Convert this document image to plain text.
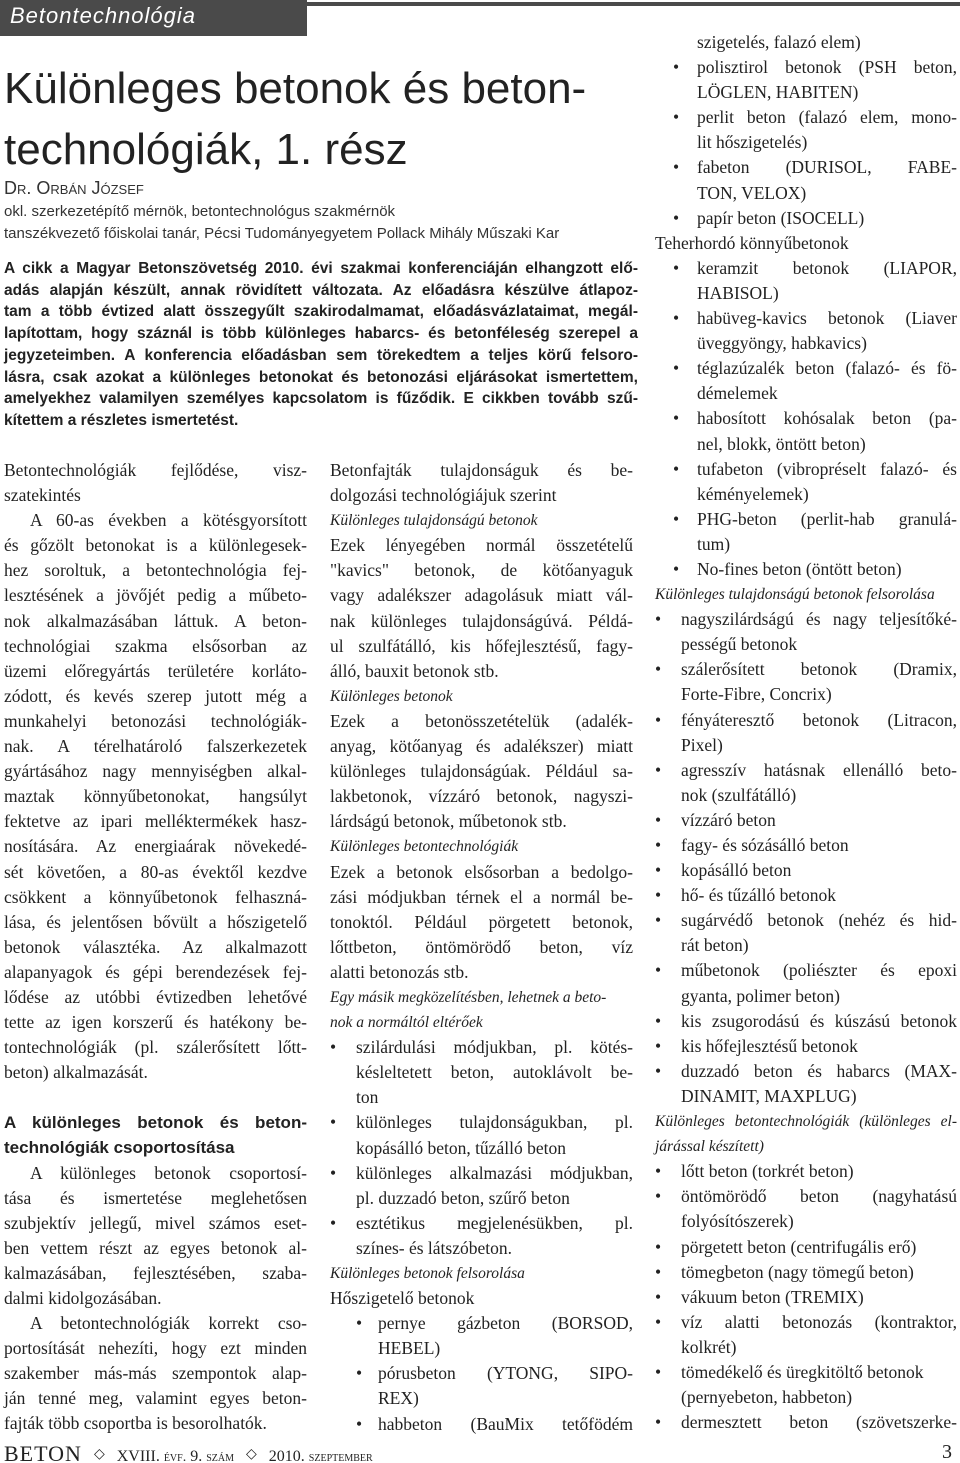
Betontechnológia
Különleges betonok és beton-
technológiák, 1. rész
Dr. Orbán József
okl. szerkezetépítő mérnök, betontechnológus szakmérnök
tanszékvezető főiskolai tanár, Pécsi Tudományegyetem Pollack Mihály Műszaki Kar
A cikk a Magyar Betonszövetség 2010. évi szakmai konferenciáján elhangzott elő-
adás alapján készült, annak rövidített változata. Az előadásra készülve átlapoz-
tam a több évtized alatt összegyűlt szakirodalmamat, előadásvázlataimat, megál-
lapítottam, hogy száznál is több különleges habarcs- és betonféleség szerepel a
jegyzeteimben. A konferencia előadásban sem törekedtem a teljes körű felsoro-
lásra, csak azokat a különleges betonokat és betonozási eljárásokat ismertettem,
amelyekhez valamilyen személyes kapcsolatom is fűződik. E cikkben tovább szű-
kítettem a részletes ismertetést.
Betontechnológiák fejlődése, visz-
szatekintés
A 60-as években a kötésgyorsított
és gőzölt betonokat is a különlegesek-
hez soroltuk, a betontechnológia fej-
lesztésének a jövőjét pedig a műbeto-
nok alkalmazásában láttuk. A beton-
technológiai szakma elsősorban az
üzemi előregyártás területére korláto-
zódott, és kevés szerep jutott még a
munkahelyi betonozási technológiák-
nak. A térelhatároló falszerkezetek
gyártásához nagy mennyiségben alkal-
maztak könnyűbetonokat, hangsúlyt
fektetve az ipari melléktermékek hasz-
nosítására. Az energiaárak növekedé-
sét követően, a 80-as évektől kezdve
csökkent a könnyűbetonok felhaszná-
lása, és jelentősen bővült a hőszigetelő
betonok választéka. Az alkalmazott
alapanyagok és gépi berendezések fej-
lődése az utóbbi évtizedben lehetővé
tette az igen korszerű és hatékony be-
tontechnológiák (pl. szálerősített lőtt-
beton) alkalmazását.
A különleges betonok és beton-
technológiák csoportosítása
A különleges betonok csoportosí-
tása és ismertetése meglehetősen
szubjektív jellegű, mivel számos eset-
ben vettem részt az egyes betonok al-
kalmazásában, fejlesztésében, szaba-
dalmi kidolgozásában.
A betontechnológiák korrekt cso-
portosítását nehezíti, hogy ezt minden
szakember más-más szempontok alap-
ján tenné meg, valamint egyes beton-
fajták több csoportba is besorolhatók.
Betonfajták tulajdonságuk és be-
dolgozási technológiájuk szerint
Különleges tulajdonságú betonok
Ezek lényegében normál összetételű
"kavics" betonok, de kötőanyaguk
vagy adalékszer adagolásuk miatt vál-
nak különleges tulajdonságúvá. Példá-
ul szulfátálló, kis hőfejlesztésű, fagy-
álló, bauxit betonok stb.
Különleges betonok
Ezek a betonösszetételük (adalék-
anyag, kötőanyag és adalékszer) miatt
különleges tulajdonságúak. Például sa-
lakbetonok, vízzáró betonok, nagyszi-
lárdságú betonok, műbetonok stb.
Különleges betontechnológiák
Ezek a betonok elsősorban a bedolgo-
zási módjukban térnek el a normál be-
tonoktól. Például pörgetett betonok,
lőttbeton, öntömörödő beton, víz
alatti betonozás stb.
Egy másik megközelítésben, lehetnek a beto-
nok a normáltól eltérőek
• szilárdulási módjukban, pl. kötés-
késleltetett beton, autoklávolt be-
ton
• különleges tulajdonságukban, pl.
kopásálló beton, tűzálló beton
• különleges alkalmazási módjukban,
pl. duzzadó beton, szűrő beton
• esztétikus megjelenésükben, pl.
színes- és látszóbeton.
Különleges betonok felsorolása
Hőszigetelő betonok
• pernye gázbeton (BORSOD,
HEBEL)
• pórusbeton (YTONG, SIPO-
REX)
• habbeton (BauMix tetőfödém
szigetelés, falazó elem)
• polisztirol betonok (PSH beton,
LÖGLEN, HABITEN)
• perlit beton (falazó elem, mono-
lit hőszigetelés)
• fabeton (DURISOL, FABE-
TON, VELOX)
• papír beton (ISOCELL)
Teherhordó könnyűbetonok
• keramzit betonok (LIAPOR,
HABISOL)
• habüveg-kavics betonok (Liaver
üveggyöngy, habkavics)
• téglazúzalék beton (falazó- és fö-
démelemek
• habosított kohósalak beton (pa-
nel, blokk, öntött beton)
• tufabeton (vibropréselt falazó- és
kéményelemek)
• PHG-beton (perlit-hab granulá-
tum)
• No-fines beton (öntött beton)
Különleges tulajdonságú betonok felsorolása
• nagyszilárdságú és nagy teljesítőké-
pességű betonok
• szálerősített betonok (Dramix,
Forte-Fibre, Concrix)
• fényáteresztő betonok (Litracon,
Pixel)
• agresszív hatásnak ellenálló beto-
nok (szulfátálló)
• vízzáró beton
• fagy- és sózásálló beton
• kopásálló beton
• hő- és tűzálló betonok
• sugárvédő betonok (nehéz és hid-
rát beton)
• műbetonok (poliészter és epoxi
gyanta, polimer beton)
• kis zsugorodású és kúszású betonok
• kis hőfejlesztésű betonok
• duzzadó beton és habarcs (MAX-
DINAMIT, MAXPLUG)
Különleges betontechnológiák (különleges el-
járással készített)
• lőtt beton (torkrét beton)
• öntömörödő beton (nagyhatású
folyósítószerek)
• pörgetett beton (centrifugális erő)
• tömegbeton (nagy tömegű beton)
• vákuum beton (TREMIX)
• víz alatti betonozás (kontraktor,
kolkrét)
• tömedékelő és üregkitöltő betonok
(pernyebeton, habbeton)
• dermesztett beton (szövetszerke-
BETON ◇ XVIII. évf. 9. szám ◇ 2010. szeptember	3
